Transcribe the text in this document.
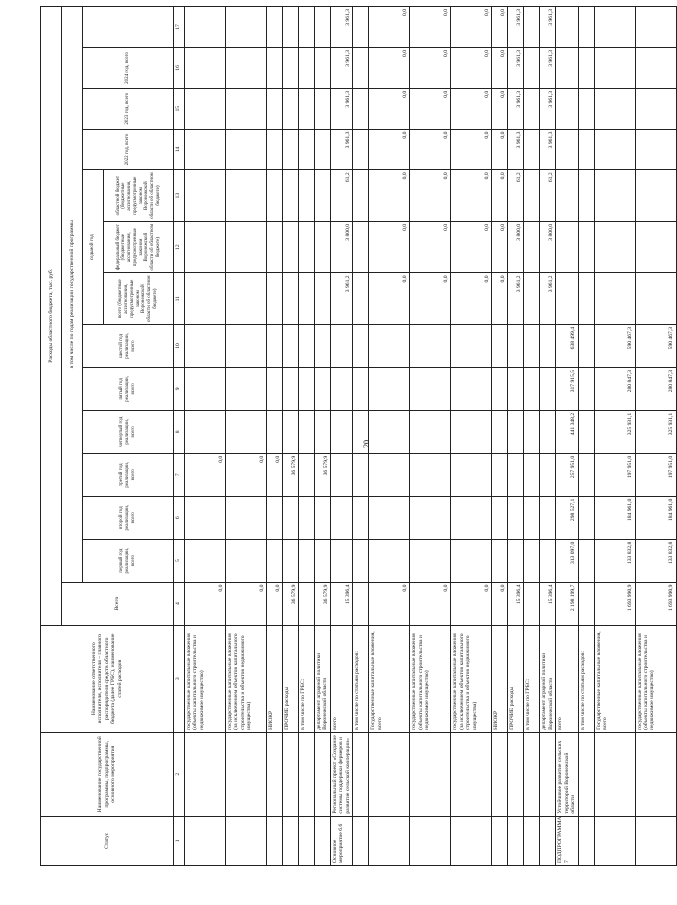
20
Статус	Наименование государственной программы, подпрограммы, основного мероприятия	Наименование ответственного исполнителя, исполнителя – главного распорядителя средств областного бюджета (далее ГРБС), наименование статей расходов	Расходы областного бюджета, тыс. руб.													
			Всего	в том числе по годам реализации государственной программы												
				первый год реализации, всего	второй год реализации, всего	третий год реализации, всего	четвертый год реализации, всего	пятый год реализации, всего	шестой год реализации, всего	седьмой год			2022 год, всего	2023 год, всего	2024 год, всего	
										всего (бюджетные ассигнования, предусмотренные законом Воронежской области об областном бюджете)	федеральный бюджет (бюджетные ассигнования, предусмотренные законом Воронежской области об областном бюджете)	областной бюджет (бюджетные ассигнования, предусмотренные законом Воронежской области об областном бюджете)				
1	2	3	4	5	6	7	8	9	10	11	12	13	14	15	16	17
		государственные капитальные вложения (объекты капитального строительства и недвижимое имущество)	0,0			0,0										
		государственные капитальные вложения (за исключением объектов капитального строительства и объектов недвижимого имущества)	0,0			0,0										
		НИОКР	0,0			0,0										
		ПРОЧИЕ расходы	36 579,9			36 579,9										
		в том числе по ГРБС:														
		департамент аграрной политики Воронежской области	36 579,9			36 579,9										
Основное мероприятие 6.6	Региональный проект «Создание системы поддержки фермеров и развитие сельской кооперации»	всего	15 396,4							3 961,2	3 800,0	61,2	3 961,3	3 961,3	3 961,3	3 961,3
		в том числе по статьям расходов:														
		Государственные капитальные вложения, всего	0,0							0,0	0,0	0,0	0,0	0,0	0,0	0,0
		государственные капитальные вложения (объекты капитального строительства и недвижимое имущество)	0,0							0,0	0,0	0,0	0,0	0,0	0,0	0,0
		государственные капитальные вложения (за исключением объектов капитального строительства и объектов недвижимого имущества)	0,0							0,0	0,0	0,0	0,0	0,0	0,0	0,0
		НИОКР	0,0							0,0	0,0	0,0	0,0	0,0	0,0	0,0
		ПРОЧИЕ расходы	15 396,4							3 961,2	3 800,0	61,2	3 961,3	3 961,3	3 961,3	3 961,3
		в том числе по ГРБС:														
		департамент аграрной политики Воронежской области	15 396,4							3 961,2	3 800,0	61,2	3 961,3	3 961,3	3 961,3	3 961,3
ПОДПРОГРАММА 7	Устойчивое развитие сельских территорий Воронежской области	всего	2 198 199,7	313 097,0	298 527,1	257 951,0	441 348,2	317 915,5	638 499,4							
		в том числе по статьям расходов:														
		Государственные капитальные вложения, всего	1 693 990,9	133 832,8	184 961,0	197 951,0	325 931,1	280 847,3	590 467,3							
		государственные капитальные вложения (объекты капитального строительства и недвижимое имущество)	1 693 990,9	133 832,8	184 961,0	197 951,0	325 931,1	280 847,3	590 467,3							
